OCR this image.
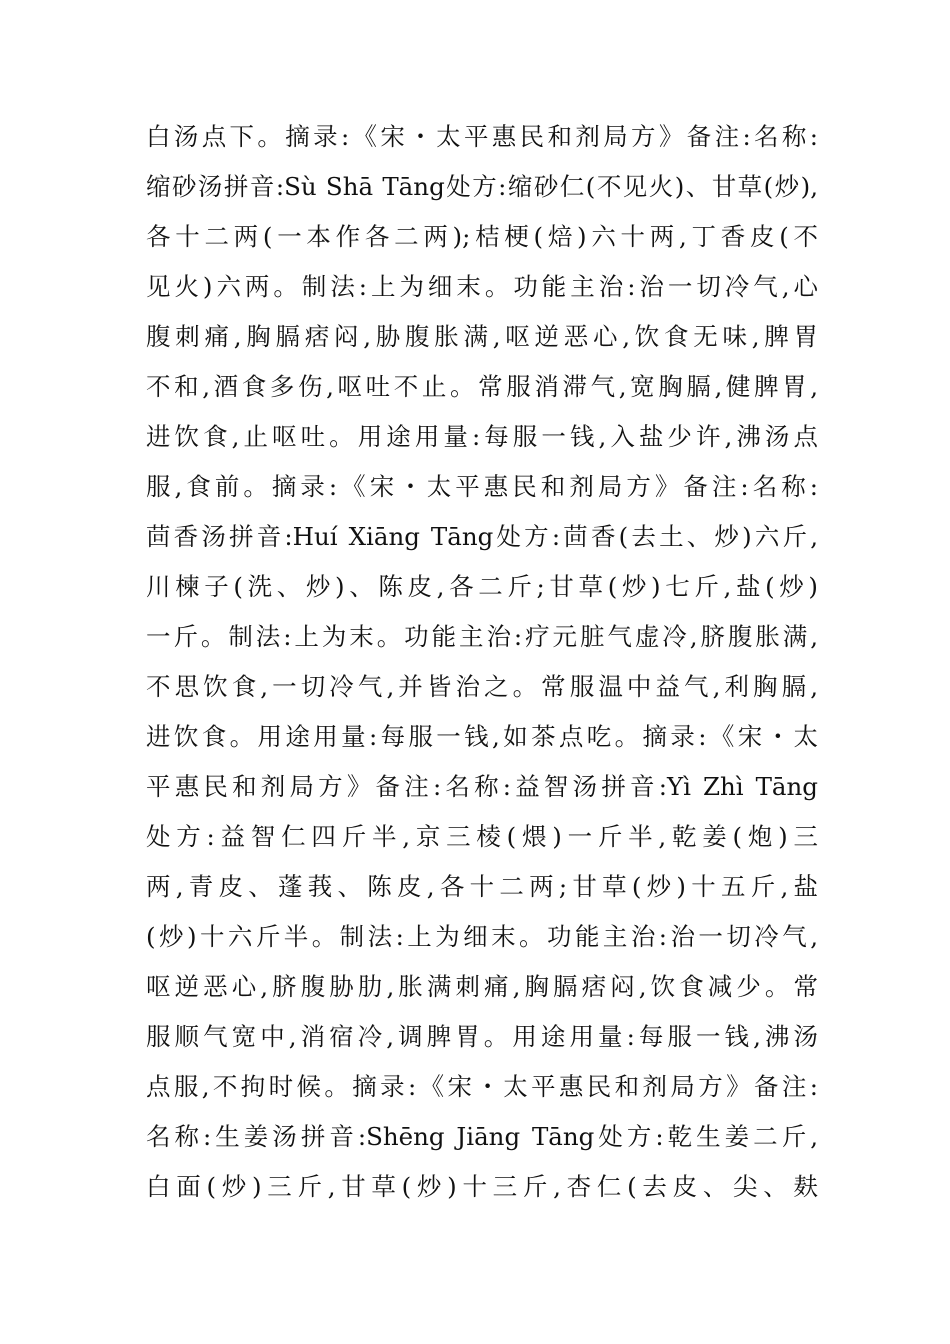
白汤点下。摘录:《宋・太平惠民和剂局方》备注:名称:
缩砂汤拼音:Sù Shā Tāng处方:缩砂仁(不见火)、甘草(炒),
各十二两(一本作各二两);桔梗(焙)六十两,丁香皮(不
见火)六两。制法:上为细末。功能主治:治一切冷气,心
腹刺痛,胸膈痞闷,胁腹胀满,呕逆恶心,饮食无味,脾胃
不和,酒食多伤,呕吐不止。常服消滞气,宽胸膈,健脾胃,
进饮食,止呕吐。用途用量:每服一钱,入盐少许,沸汤点
服,食前。摘录:《宋・太平惠民和剂局方》备注:名称:
茴香汤拼音:Huí Xiāng Tāng处方:茴香(去土、炒)六斤,
川楝子(洗、炒)、陈皮,各二斤;甘草(炒)七斤,盐(炒)
一斤。制法:上为末。功能主治:疗元脏气虚冷,脐腹胀满,
不思饮食,一切冷气,并皆治之。常服温中益气,利胸膈,
进饮食。用途用量:每服一钱,如茶点吃。摘录:《宋・太
平惠民和剂局方》备注:名称:益智汤拼音:Yì Zhì Tāng
处方:益智仁四斤半,京三棱(煨)一斤半,乾姜(炮)三
两,青皮、蓬莪、陈皮,各十二两;甘草(炒)十五斤,盐
(炒)十六斤半。制法:上为细末。功能主治:治一切冷气,
呕逆恶心,脐腹胁肋,胀满刺痛,胸膈痞闷,饮食减少。常
服顺气宽中,消宿冷,调脾胃。用途用量:每服一钱,沸汤
点服,不拘时候。摘录:《宋・太平惠民和剂局方》备注:
名称:生姜汤拼音:Shēng Jiāng Tāng处方:乾生姜二斤,
白面(炒)三斤,甘草(炒)十三斤,杏仁(去皮、尖、麸
